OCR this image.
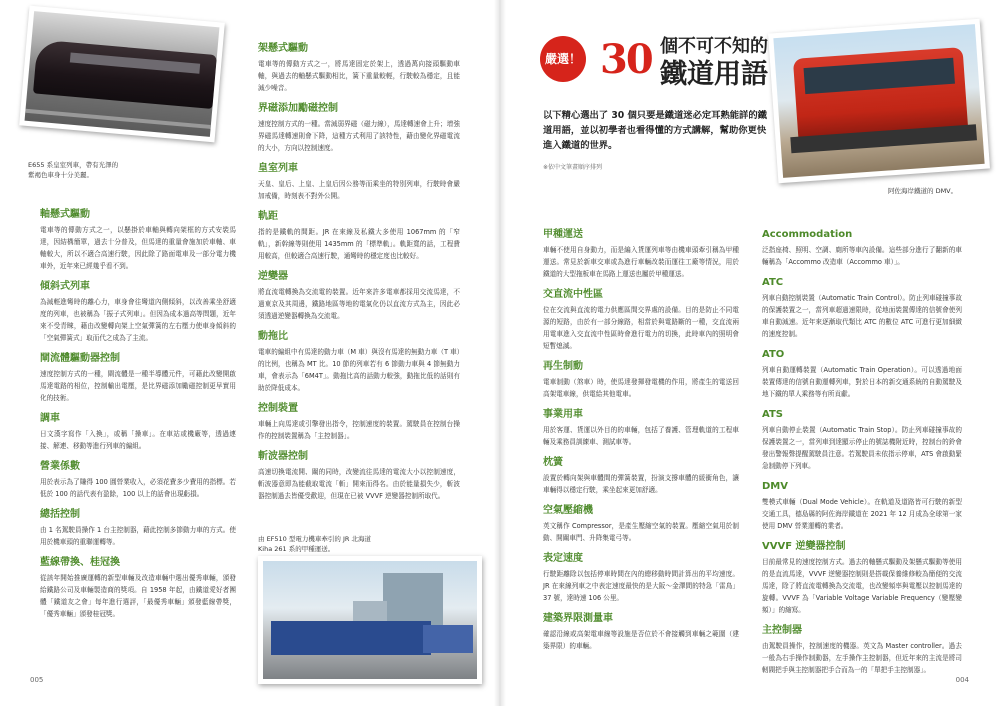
E655 系皇室列車，帶有光澤的
紫褐色車身十分美麗。
軸懸式驅動

電車等的傳動方式之一，以懸掛於車軸與轉向架框的方式安裝馬達，因結構簡單，過去十分普及，但馬達的重量會施加於車軸、車軸較大，所以不適合高速行駛，因此除了路面電車及一部分電力機車外，近年來已經幾乎看不到。

傾斜式列車

為減輕進彎時的離心力，車身會往彎道內側傾斜，以改善乘坐舒適度的列車，也被稱為「振子式列車」。但因為成本過高等問題，近年來不受青睞，藉由改變轉向架上空氣彈簧的左右壓力使車身傾斜的「空氣彈簧式」取而代之成為了主流。

閘流體驅動器控制

速度控制方式的一種，閘流體是一種半導體元件，可藉此改變開啟馬達電路的相位，控制輸出電壓，是比界磁添加勵磁控制更早實用化的技術。

調車

日文漢字寫作「入換」，或稱「操車」。在車站或機廠等，透過連接、解連、移動等進行列車的編組。

營業係數

用於表示為了賺得 100 圓營業收入，必須花費多少費用的指標。若低於 100 的話代表有盈餘，100 以上的話會出現虧損。

總括控制

由 1 名駕駛員操作 1 台主控制器，藉此控制多節動力車的方式。使用於機車頭的重聯運轉等。

藍線帶換、桂冠換

從該年開始推廣運轉的新型車輛及改造車輛中選出優秀車輛，頒發給鐵路公司及車輛製造商的獎項。自 1958 年起，由鐵道愛好者團體「鐵道友之會」每年進行選評，「最優秀車輛」頒發藍線帶獎，「優秀車輛」頒發桂冠獎。

架懸式驅動

電車等的傳動方式之一，將馬達固定於架上，透過萬向接頭驅動車軸，與過去的軸懸式驅動相比，簧下重量較輕，行駛較為穩定，且能減少噪音。

界磁添加勵磁控制

速度控制方式的一種。當減弱界磁（磁力線），馬達轉速會上升；增強界磁馬達轉速則會下降，這種方式利用了該特性，藉由變化界磁電流的大小，方向以控制速度。

皇室列車

天皇、皇后、上皇、上皇后因公務等而乘坐的特別列車，行駛時會嚴加戒備，時刻表不對外公開。

軌距

指的是鐵軌的間距。JR 在來線及私鐵大多使用 1067mm 的「窄軌」，新幹線等則使用 1435mm 的「標準軌」。軌距寬的話，工程費用較高，但較適合高速行駛，通彎時的穩定度也比較好。

逆變器

將直流電轉換為交流電的裝置。近年來許多電車都採用交流馬達，不過東京及其周邊，鐵路地區等地的電氣化仍以直流方式為主，因此必須透過逆變器轉換為交流電。

動拖比

電車的編組中有馬達的動力車（M 車）與沒有馬達的無動力車（T 車）的比例，也稱為 MT 比。10 節的列車若有 6 節動力車與 4 節無動力車，會表示為「6M4T」。動拖比高的話動力較強，動拖比低的話則有助於降低成本。

控制裝置

車輛上向馬達或引擎發出指令，控制速度的裝置。駕駛員在控制台操作的控制裝置稱為「主控制器」。

斬波器控制

高速切換電流開、關的同時，改變流往馬達的電流大小以控制速度，斬波器意即為能截取電流「斬」開來而得名。由於能量損失少，斬波器控制過去皆優受歡迎，但現在已被 VVVF 逆變器控制所取代。

由 EF510 型電力機車牽引的 JR 北海道
Kiha 261 系的甲種運送。
005
嚴選！ 30 個不可不知的
鐵道用語
以下精心選出了 30 個只要是鐵道迷必定耳熟能詳的鐵道用語，並以初學者也看得懂的方式講解，幫助你更快進入鐵道的世界。
※依中文筆畫順序排列
阿佐海岸鐵道的 DMV。
甲種運送

車輛不使用自身動力，而是編入貨運列車等由機車頭牽引稱為甲種運送。常見於新車交車或為進行車輛改裝而運往工廠等情況，用於鐵道的大型拖板車在馬路上運送也屬於甲種運送。

交直流中性區

位在交流與直流的電力供應區間交界處的設備。目的是防止不同電源的短路，由於有一部分線路，相當於與電路斷的一種，交直流兩用電車進入交直流中性區時會進行電力的切換，此時車內的照明會短暫熄滅。

再生制動

電車制動（煞車）時，使馬達發揮發電機的作用，將產生的電送回高架電車線，供電給其他電車。

事業用車

用於客運、貨運以外目的的車輛，包括了養護、管理軌道的工程車輛及乘務員訓練車、測試車等。

枕簧

設置於轉向架與車體間的彈簧裝置，扮演支撐車體的緩衝角色，讓車輛得以穩定行駛，乘坐起來更加舒適。

空氣壓縮機

英文稱作 Compressor，是產生壓縮空氣的裝置。壓縮空氣用於制動、開關車門、升降集電弓等。

表定速度

行駛距離除以包括停車時間在內的總移動時間計算出的平均速度。JR 在來線列車之中表定速度最快的是大阪～金澤間的特急「雷鳥」37 號，達時速 106 公里。

建築界限測量車

確認沿線或高架電車線等設施是否位於不會接觸到車輛之範圍（建築界限）的車輛。

Accommodation

泛指座椅、照明、空調、廁所等車內設備。這些部分進行了翻新的車輛稱為「Accommo 改造車（Accommo 車）」。

ATC

列車自動控制裝置（Automatic Train Control）。防止列車碰撞事故的保護裝置之一，當列車超過速限時，從地面裝置傳達的信號會使列車自動減速。近年來逐漸取代類比 ATC 的數位 ATC 可進行更加細緻的速度控制。

ATO

列車自動運轉裝置（Automatic Train Operation）。可以透過地面裝置傳達的信號自動運轉列車，對於日本的新交通系統的自動駕駛及地下鐵的單人乘務等有所貢獻。

ATS

列車自動停止裝置（Automatic Train Stop）。防止列車碰撞事故的保護裝置之一，當列車到達顯示停止的號誌機附近時，控制台的鈴會發出警報聲提醒駕駛員注意。若駕駛員未依指示停車，ATS 會啟動緊急制動停下列車。

DMV

雙模式車輛（Dual Mode Vehicle）。在軌道及道路皆可行駛的新型交通工具，德島縣的阿佐海岸鐵道在 2021 年 12 月成為全球第一家使用 DMV 營業運轉的業者。

VVVF 逆變器控制

目前最常見的速度控制方式。過去的軸懸式驅動及架懸式驅動等使用的是直流馬達，VVVF 逆變器控制則是搭載保養維修較為簡便的交流馬達，除了將直流電轉換為交流電，也改變頻率與電壓以控制馬達的旋轉。VVVF 為「Variable Voltage Variable Frequency（變壓變頻）」的縮寫。

主控制器

由駕駛員操作，控制速度的機器。英文為 Master controller。過去一般為右手操作制動器，左手操作主控制器，但近年來的主流是將司軔閥把手與主控制器把手合而為一的「單把手主控制器」。

004
